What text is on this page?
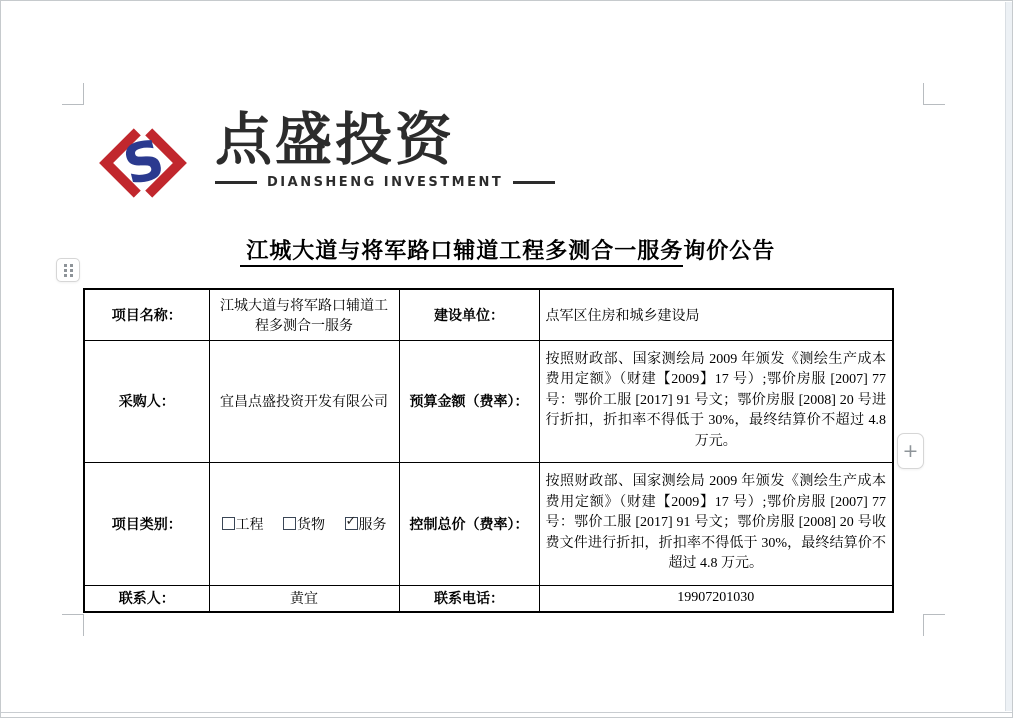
+
S 点盛投资
DIANSHENG INVESTMENT
江城大道与将军路口辅道工程多测合一服务询价公告
项目名称：	江城大道与将军路口辅道工程多测合一服务	建设单位：	点军区住房和城乡建设局
采购人：	宜昌点盛投资开发有限公司	预算金额（费率）：	按照财政部、国家测绘局 2009 年颁发《测绘生产成本费用定额》（财建【2009】17 号）;鄂价房服 [2007] 77 号：鄂价工服 [2017] 91 号文；鄂价房服 [2008] 20 号进行折扣，折扣率不得低于 30%，最终结算价不超过 4.8 万元。
项目类别：	工程 货物 ✓ 服务	控制总价（费率）：	按照财政部、国家测绘局 2009 年颁发《测绘生产成本费用定额》（财建【2009】17 号）;鄂价房服 [2007] 77 号：鄂价工服 [2017] 91 号文；鄂价房服 [2008] 20 号收费文件进行折扣，折扣率不得低于 30%，最终结算价不超过 4.8 万元。
联系人：	黄宜	联系电话：	19907201030
